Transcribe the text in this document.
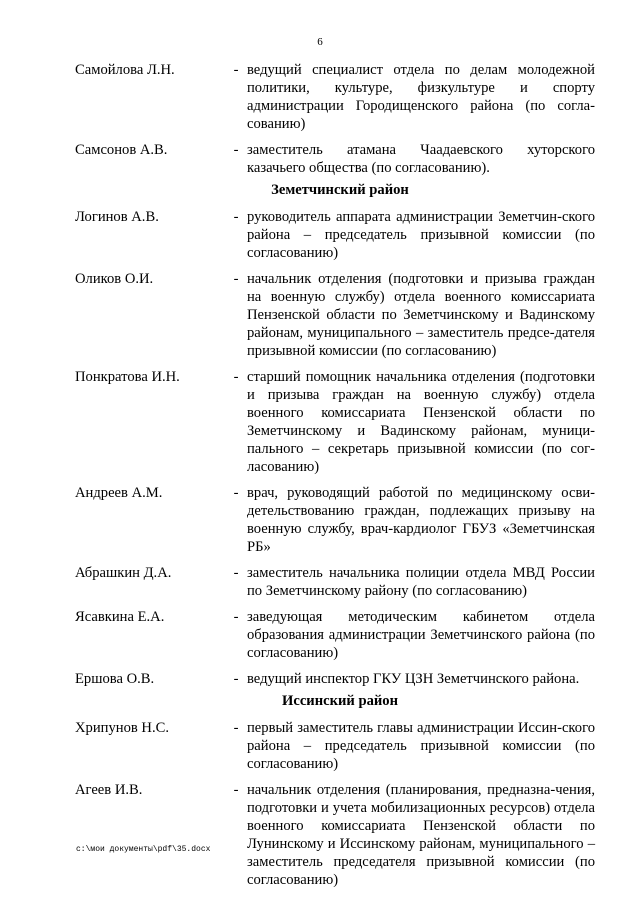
6
Самойлова Л.Н.	- ведущий специалист отдела по делам молодежной политики, культуре, физкультуре и спорту администрации Городищенского района (по согла-сованию)
Самсонов А.В.	- заместитель атамана Чаадаевского хуторского казачьего общества (по согласованию).
Земетчинский район
Логинов А.В.	- руководитель аппарата администрации Земетчин-ского района – председатель призывной комиссии (по согласованию)
Оликов О.И.	- начальник отделения (подготовки и призыва граждан на военную службу) отдела военного комиссариата Пензенской области по Земетчинскому и Вадинскому районам, муниципального – заместитель предсе-дателя призывной комиссии (по согласованию)
Понкратова И.Н.	- старший помощник начальника отделения (подготовки и призыва граждан на военную службу) отдела военного комиссариата Пензенской области по Земетчинскому и Вадинскому районам, муници-пального – секретарь призывной комиссии (по сог-ласованию)
Андреев А.М.	- врач, руководящий работой по медицинскому осви-детельствованию граждан, подлежащих призыву на военную службу, врач-кардиолог ГБУЗ «Земетчинская РБ»
Абрашкин Д.А.	- заместитель начальника полиции отдела МВД России по Земетчинскому району (по согласованию)
Ясавкина Е.А.	- заведующая методическим кабинетом отдела образования администрации Земетчинского района (по согласованию)
Ершова О.В.	- ведущий инспектор ГКУ ЦЗН Земетчинского района.
Иссинский район
Хрипунов Н.С.	- первый заместитель главы администрации Иссин-ского района – председатель призывной комиссии (по согласованию)
Агеев И.В.	- начальник отделения (планирования, предназна-чения, подготовки и учета мобилизационных ресурсов) отдела военного комиссариата Пензенской области по Лунинскому и Иссинскому районам, муниципального – заместитель председателя призывной комиссии (по согласованию)
c:\мои документы\pdf\35.docx
